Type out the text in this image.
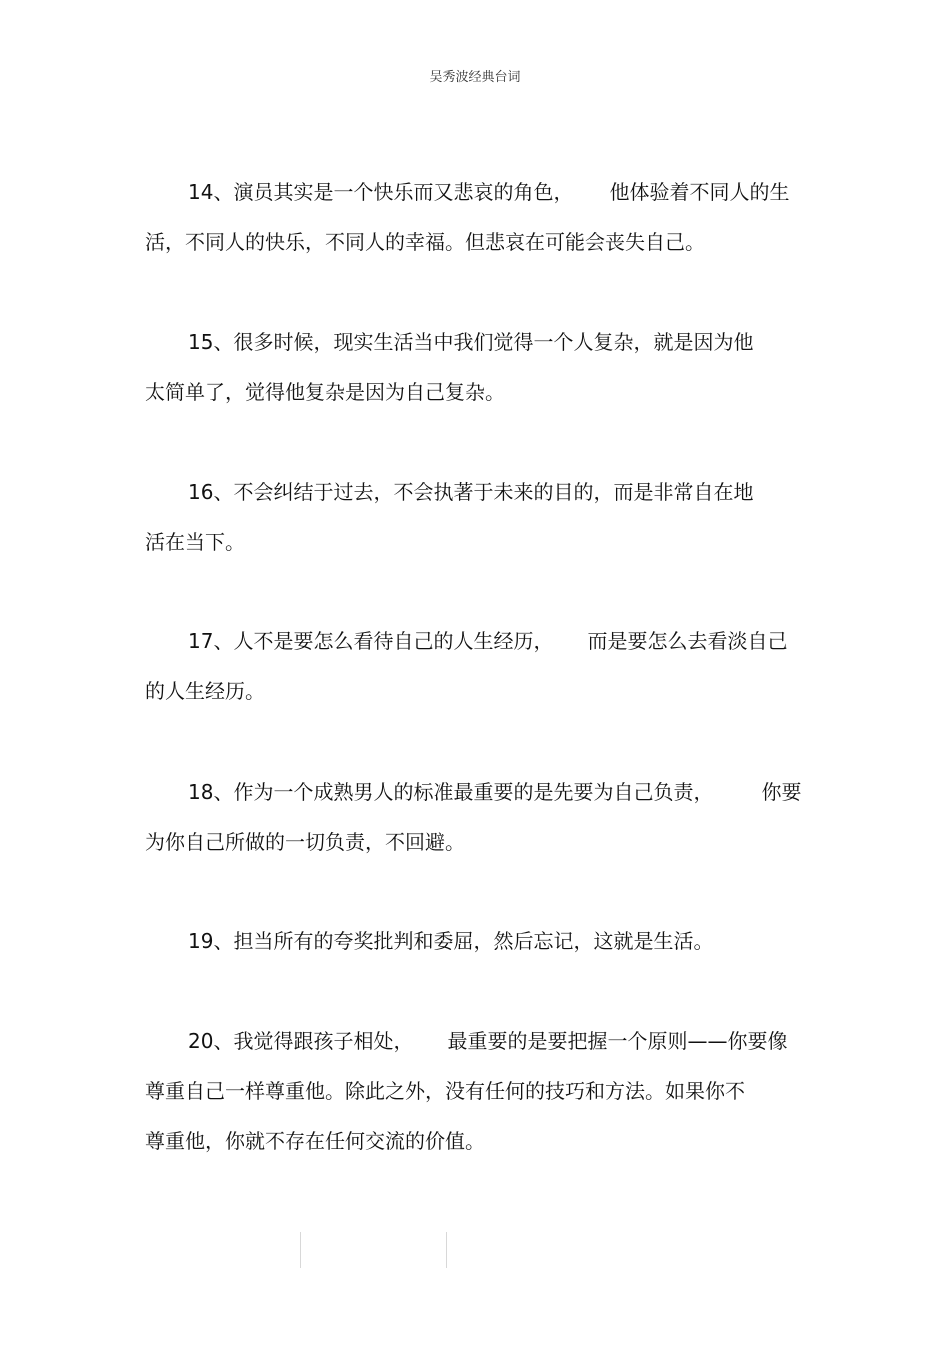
吴秀波经典台词
14、演员其实是一个快乐而又悲哀的角色， 他体验着不同人的生
活，不同人的快乐，不同人的幸福。但悲哀在可能会丧失自己。
15、很多时候，现实生活当中我们觉得一个人复杂，就是因为他
太简单了，觉得他复杂是因为自己复杂。
16、不会纠结于过去，不会执著于未来的目的，而是非常自在地
活在当下。
17、人不是要怎么看待自己的人生经历， 而是要怎么去看淡自己
的人生经历。
18、作为一个成熟男人的标准最重要的是先要为自己负责， 你要
为你自己所做的一切负责，不回避。
19、担当所有的夸奖批判和委屈，然后忘记，这就是生活。
20、我觉得跟孩子相处， 最重要的是要把握一个原则——你要像
尊重自己一样尊重他。除此之外，没有任何的技巧和方法。如果你不
尊重他，你就不存在任何交流的价值。
